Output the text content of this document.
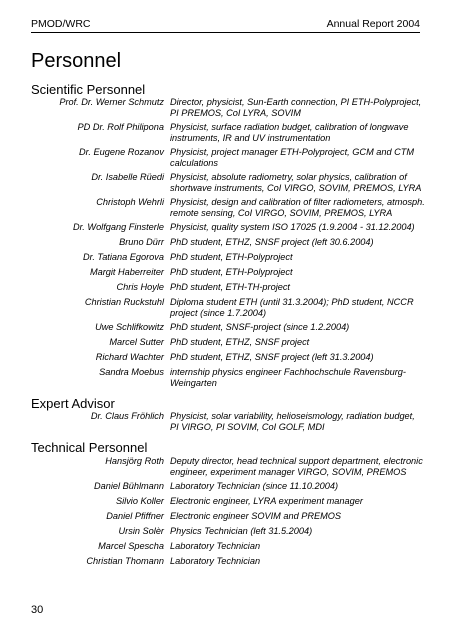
PMOD/WRC	Annual Report 2004
Personnel
Scientific Personnel
Prof. Dr. Werner Schmutz Director, physicist, Sun-Earth connection, PI ETH-Polyproject, PI PREMOS, CoI LYRA, SOVIM
PD Dr. Rolf Philipona Physicist, surface radiation budget, calibration of longwave instruments, IR and UV instrumentation
Dr. Eugene Rozanov Physicist, project manager ETH-Polyproject, GCM and CTM calculations
Dr. Isabelle Rüedi Physicist, absolute radiometry, solar physics, calibration of shortwave instruments, CoI VIRGO, SOVIM, PREMOS, LYRA
Christoph Wehrli Physicist, design and calibration of filter radiometers, atmosph. remote sensing, CoI VIRGO, SOVIM, PREMOS, LYRA
Dr. Wolfgang Finsterle Physicist, quality system ISO 17025 (1.9.2004 - 31.12.2004)
Bruno Dürr PhD student, ETHZ, SNSF project (left 30.6.2004)
Dr. Tatiana Egorova PhD student, ETH-Polyproject
Margit Haberreiter PhD student, ETH-Polyproject
Chris Hoyle PhD student, ETH-TH-project
Christian Ruckstuhl Diploma student ETH (until 31.3.2004); PhD student, NCCR project (since 1.7.2004)
Uwe Schlifkowitz PhD student, SNSF-project (since 1.2.2004)
Marcel Sutter PhD student, ETHZ, SNSF project
Richard Wachter PhD student, ETHZ, SNSF project (left 31.3.2004)
Sandra Moebus internship physics engineer Fachhochschule Ravensburg-Weingarten
Expert Advisor
Dr. Claus Fröhlich Physicist, solar variability, helioseismology, radiation budget, PI VIRGO, PI SOVIM, CoI GOLF, MDI
Technical Personnel
Hansjörg Roth Deputy director, head technical support department, electronic engineer, experiment manager VIRGO, SOVIM, PREMOS
Daniel Bühlmann Laboratory Technician (since 11.10.2004)
Silvio Koller Electronic engineer, LYRA experiment manager
Daniel Pfiffner Electronic engineer SOVIM and PREMOS
Ursin Solèr Physics Technician (left 31.5.2004)
Marcel Spescha Laboratory Technician
Christian Thomann Laboratory Technician
30
